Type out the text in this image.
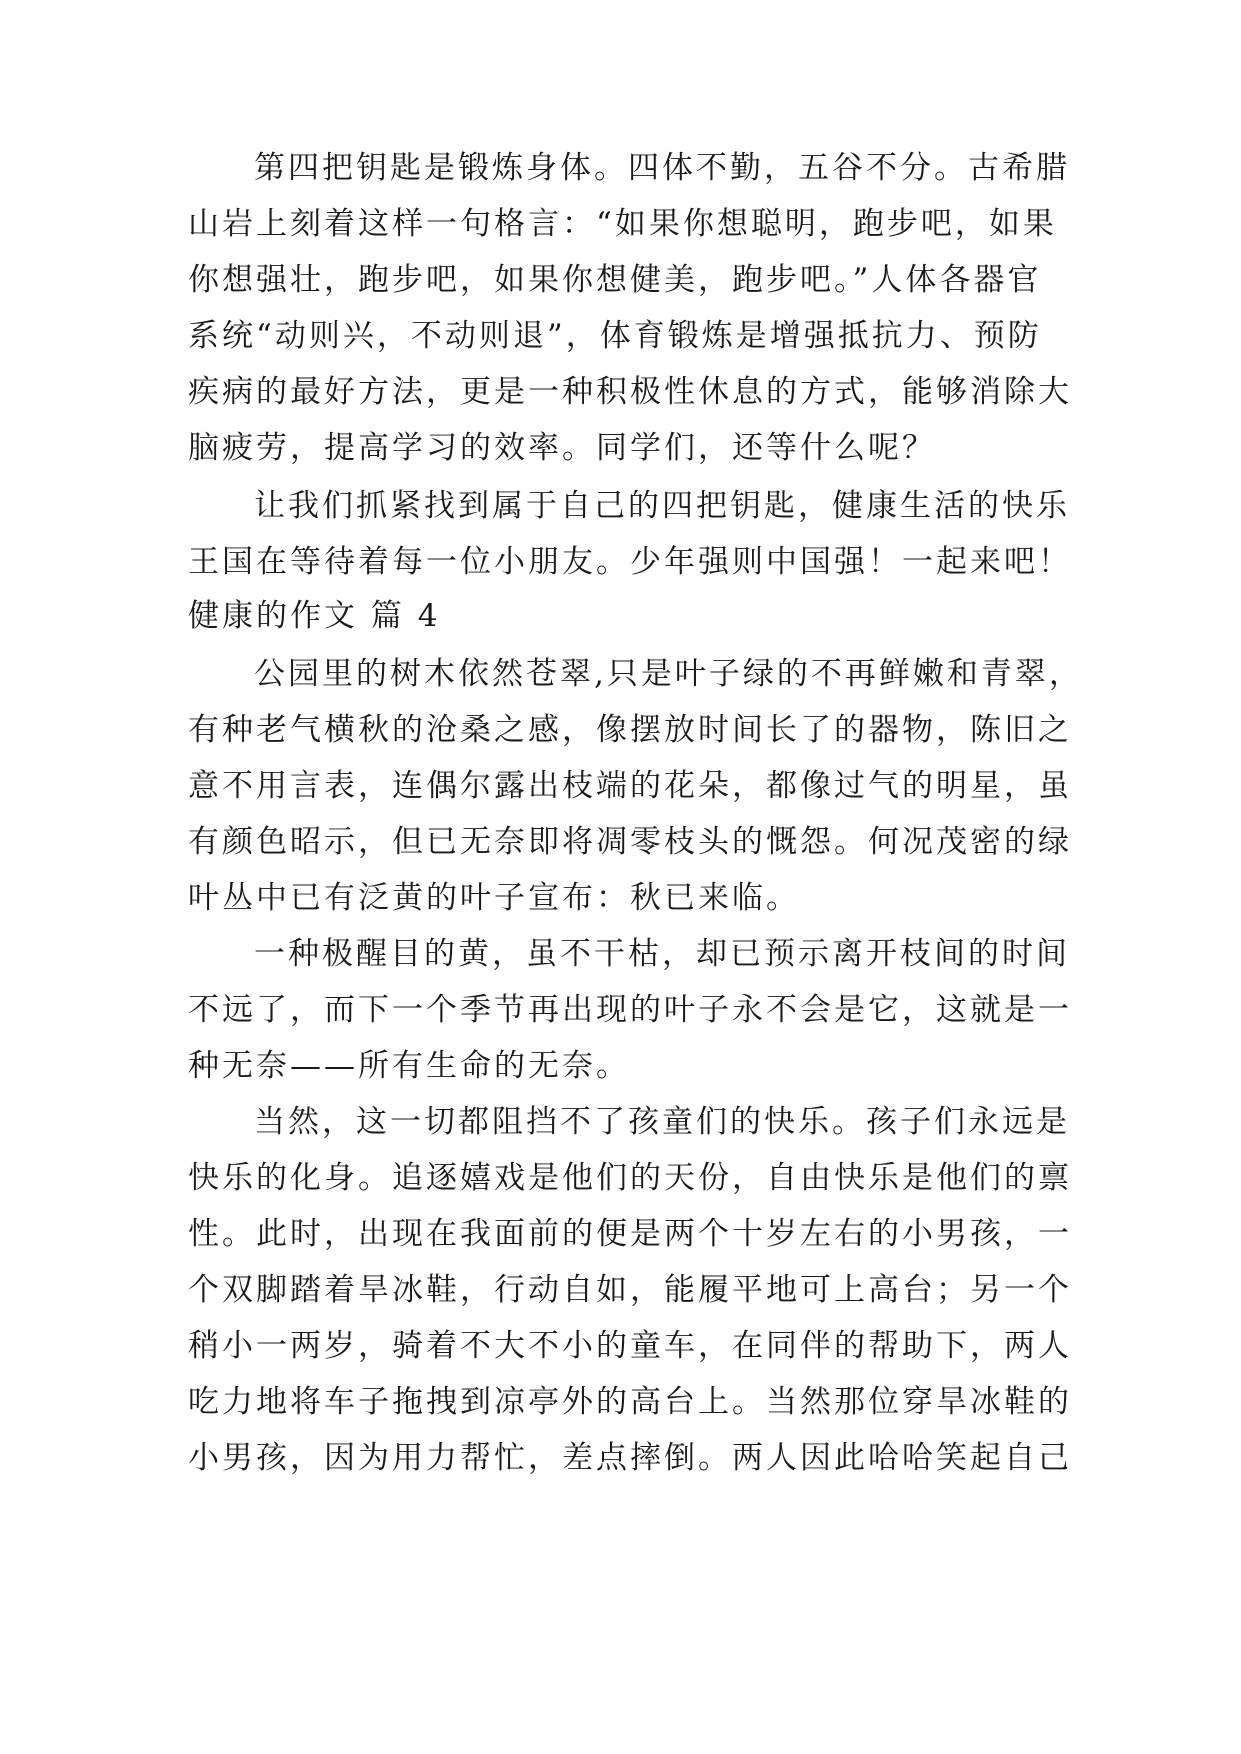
第四把钥匙是锻炼身体。四体不勤，五谷不分。古希腊
山岩上刻着这样一句格言：“如果你想聪明，跑步吧，如果
你想强壮，跑步吧，如果你想健美，跑步吧。”人体各器官
系统“动则兴，不动则退”，体育锻炼是增强抵抗力、预防
疾病的最好方法，更是一种积极性休息的方式，能够消除大
脑疲劳，提高学习的效率。同学们，还等什么呢？
让我们抓紧找到属于自己的四把钥匙，健康生活的快乐
王国在等待着每一位小朋友。少年强则中国强！一起来吧！
健康的作文 篇 4
公园里的树木依然苍翠,只是叶子绿的不再鲜嫩和青翠，
有种老气横秋的沧桑之感，像摆放时间长了的器物，陈旧之
意不用言表，连偶尔露出枝端的花朵，都像过气的明星，虽
有颜色昭示，但已无奈即将凋零枝头的慨怨。何况茂密的绿
叶丛中已有泛黄的叶子宣布：秋已来临。
一种极醒目的黄，虽不干枯，却已预示离开枝间的时间
不远了，而下一个季节再出现的叶子永不会是它，这就是一
种无奈——所有生命的无奈。
当然，这一切都阻挡不了孩童们的快乐。孩子们永远是
快乐的化身。追逐嬉戏是他们的天份，自由快乐是他们的禀
性。此时，出现在我面前的便是两个十岁左右的小男孩，一
个双脚踏着旱冰鞋，行动自如，能履平地可上高台；另一个
稍小一两岁，骑着不大不小的童车，在同伴的帮助下，两人
吃力地将车子拖拽到凉亭外的高台上。当然那位穿旱冰鞋的
小男孩，因为用力帮忙，差点摔倒。两人因此哈哈笑起自己
